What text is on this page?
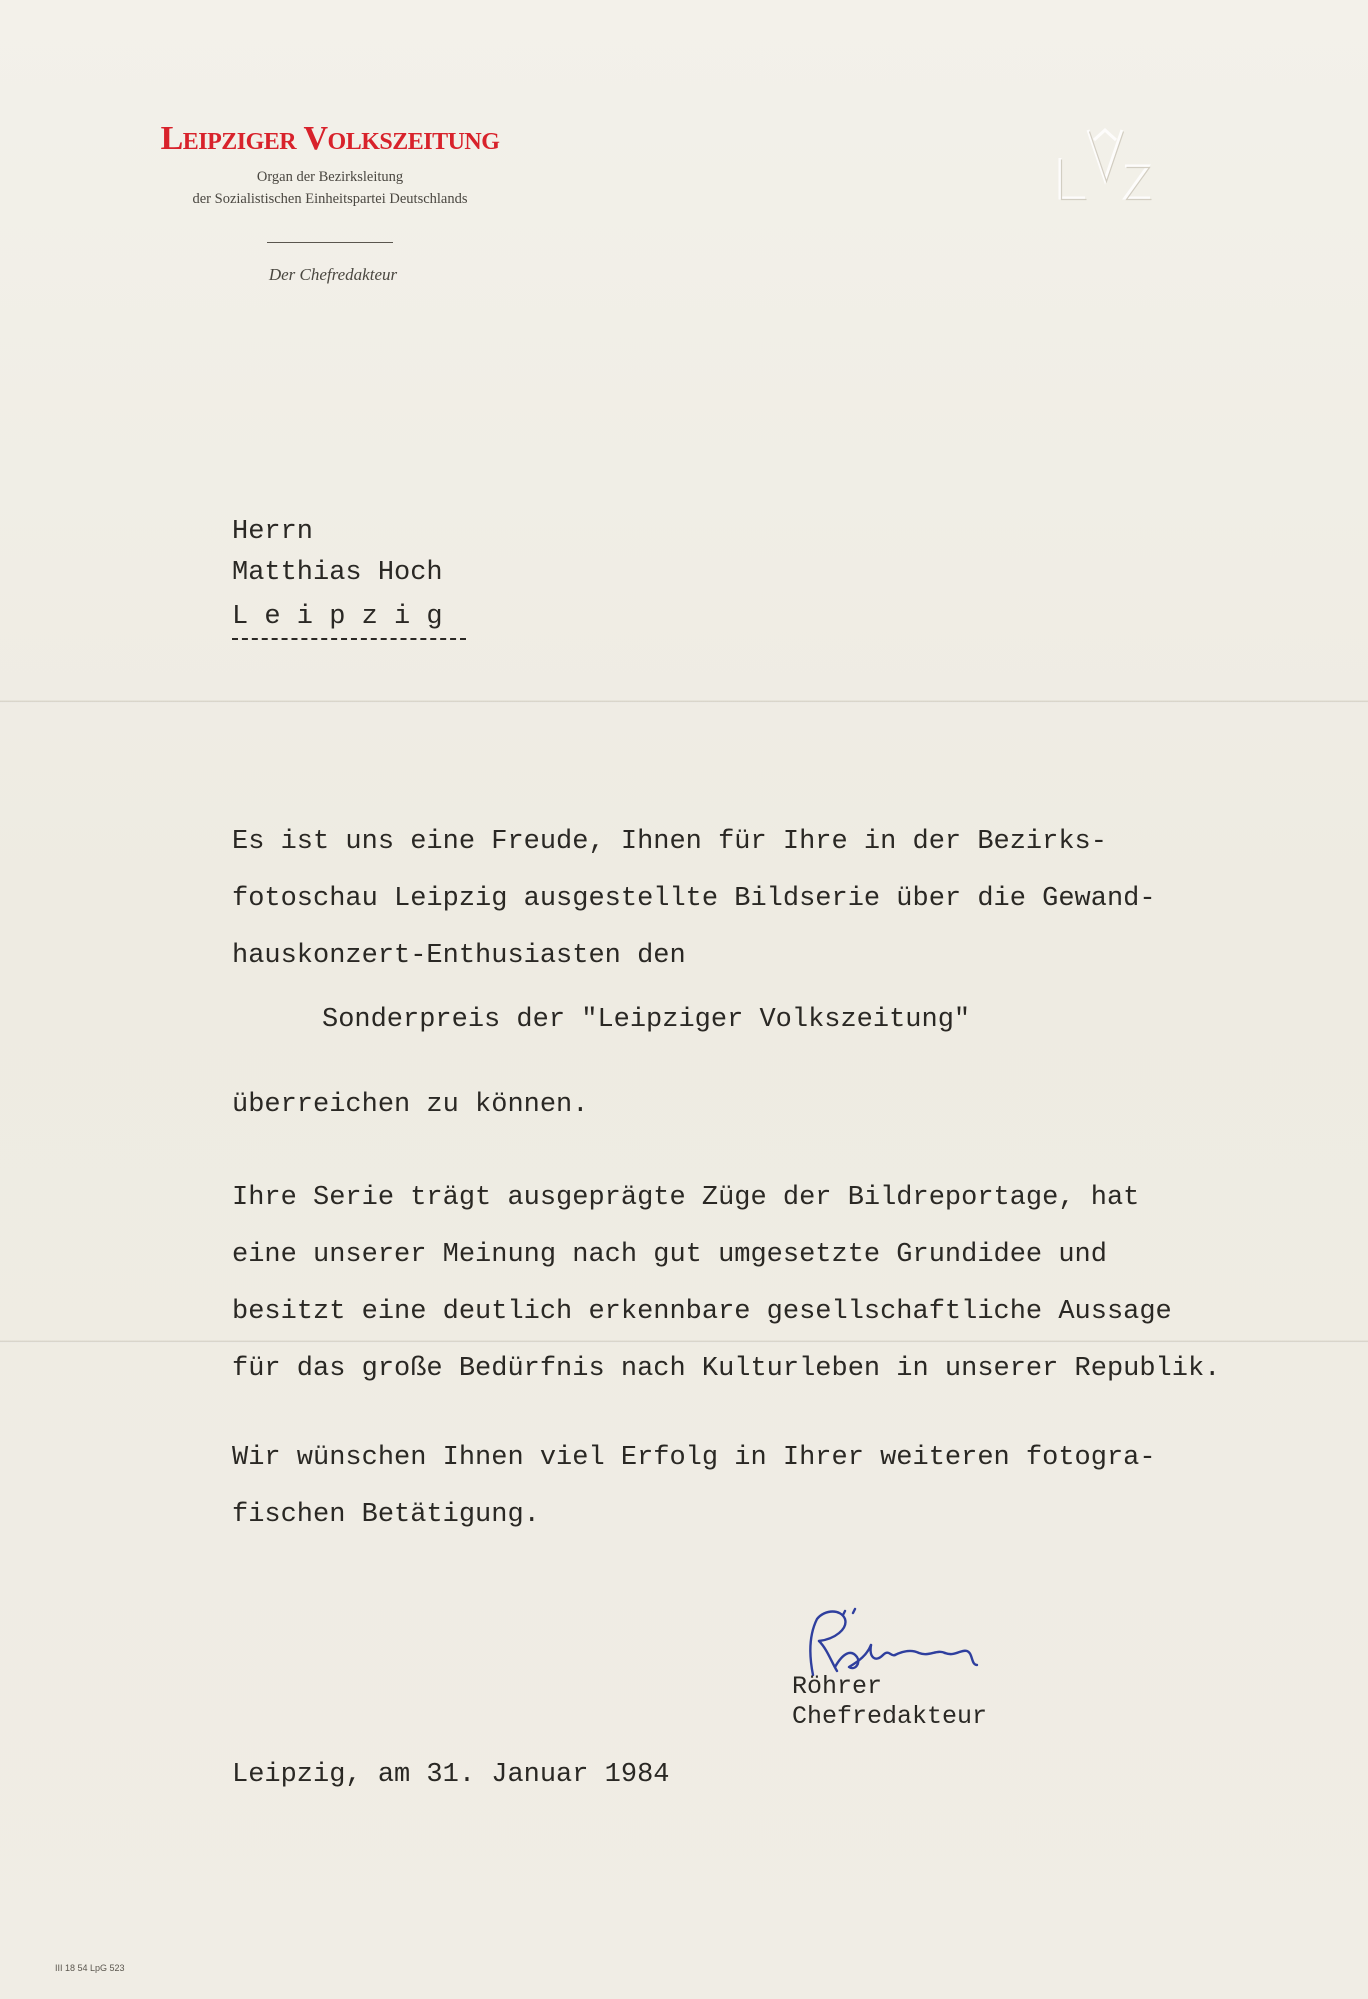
Leipziger Volkszeitung
Organ der Bezirksleitung
der Sozialistischen Einheitspartei Deutschlands
Der Chefredakteur
Herrn
Matthias Hoch
L e i p z i g
Es ist uns eine Freude, Ihnen für Ihre in der Bezirks-
fotoschau Leipzig ausgestellte Bildserie über die Gewand-
hauskonzert-Enthusiasten den
Sonderpreis der "Leipziger Volkszeitung"
überreichen zu können.
Ihre Serie trägt ausgeprägte Züge der Bildreportage, hat
eine unserer Meinung nach gut umgesetzte Grundidee und
besitzt eine deutlich erkennbare gesellschaftliche Aussage
für das große Bedürfnis nach Kulturleben in unserer Republik.
Wir wünschen Ihnen viel Erfolg in Ihrer weiteren fotogra-
fischen Betätigung.
Röhrer
Chefredakteur
Leipzig, am 31. Januar 1984
III 18 54 LpG 523
